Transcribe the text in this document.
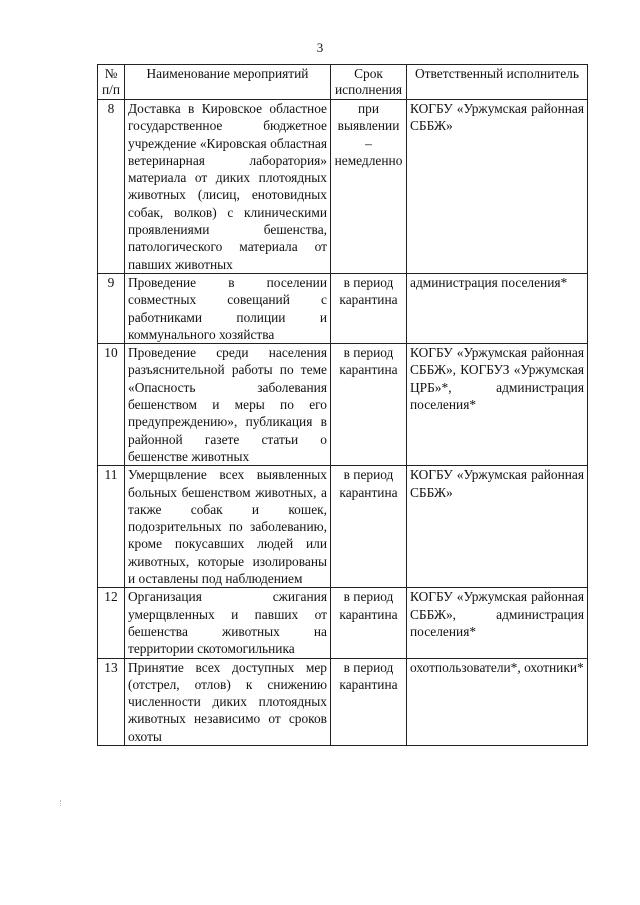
3
№ п/п	Наименование мероприятий	Срок исполнения	Ответственный исполнитель
8	Доставка в Кировское областное государственное бюджетное учреждение «Кировская областная ветеринарная лаборатория» материала от диких плотоядных животных (лисиц, енотовидных собак, волков) с клиническими проявлениями бешенства, патологического материала от павших животных	при выявлении – немедленно	КОГБУ «Уржумская районная СББЖ»
9	Проведение в поселении совместных совещаний с работниками полиции и коммунального хозяйства	в период карантина	администрация поселения*
10	Проведение среди населения разъяснительной работы по теме «Опасность заболевания бешенством и меры по его предупреждению», публикация в районной газете статьи о бешенстве животных	в период карантина	КОГБУ «Уржумская районная СББЖ», КОГБУЗ «Уржумская ЦРБ»*, администрация поселения*
11	Умерщвление всех выявленных больных бешенством животных, а также собак и кошек, подозрительных по заболеванию, кроме покусавших людей или животных, которые изолированы и оставлены под наблюдением	в период карантина	КОГБУ «Уржумская районная СББЖ»
12	Организация сжигания умерщвленных и павших от бешенства животных на территории скотомогильника	в период карантина	КОГБУ «Уржумская районная СББЖ», администрация поселения*
13	Принятие всех доступных мер (отстрел, отлов) к снижению численности диких плотоядных животных независимо от сроков охоты	в период карантина	охотпользователи*, охотники*
